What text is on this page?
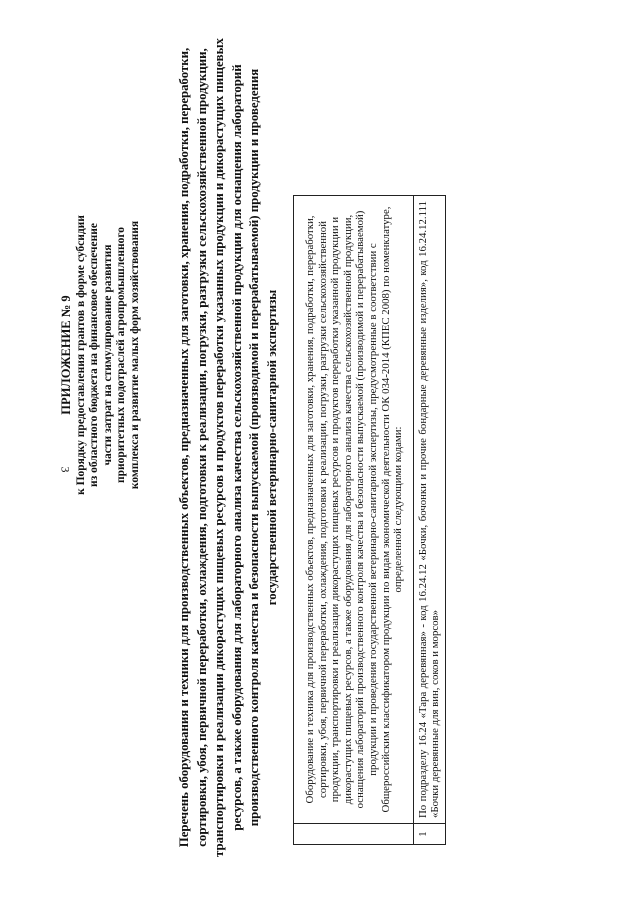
3
ПРИЛОЖЕНИЕ № 9 к Порядку предоставления грантов в форме субсидии из областного бюджета на финансовое обеспечение части затрат на стимулирование развития приоритетных подотраслей агропромышленного комплекса и развитие малых форм хозяйствования	Перечень оборудования и техники для производственных объектов, предназначенных для заготовки, хранения, подработки, переработки, сортировки, убоя, первичной переработки, охлаждения, подготовки к реализации, погрузки, разгрузки сельскохозяйственной продукции, транспортировки и реализации дикорастущих пищевых ресурсов и продуктов переработки указанных продукции и дикорастущих пищевых ресурсов, а также оборудования для лабораторного анализа качества сельскохозяйственной продукции для оснащения лабораторий производственного контроля качества и безопасности выпускаемой (производимой и перерабатываемой) продукции и проведения государственной ветеринарно-санитарной экспертизы
	Оборудование и техника для производственных объектов, предназначенных для заготовки, хранения, подработки, переработки, сортировки, убоя, первичной переработки, охлаждения, подготовки к реализации, погрузки, разгрузки сельскохозяйственной продукции, транспортировки и реализации дикорастущих пищевых ресурсов и продуктов переработки указанной продукции и дикорастущих пищевых ресурсов, а также оборудования для лабораторного анализа качества сельскохозяйственной продукции, оснащения лабораторий производственного контроля качества и безопасности выпускаемой (производимой и перерабатываемой) продукции и проведения государственной ветеринарно-санитарной экспертизы, предусмотренные в соответствии с Общероссийским классификатором продукции по видам экономической деятельности ОК 034-2014 (КПЕС 2008) по номенклатуре, определенной следующими кодами:
1	По подразделу 16.24 «Тара деревянная» - код 16.24.12 «Бочки, бочонки и прочие бондарные деревянные изделия», код 16.24.12.111 «Бочки деревянные для вин, соков и морсов»
